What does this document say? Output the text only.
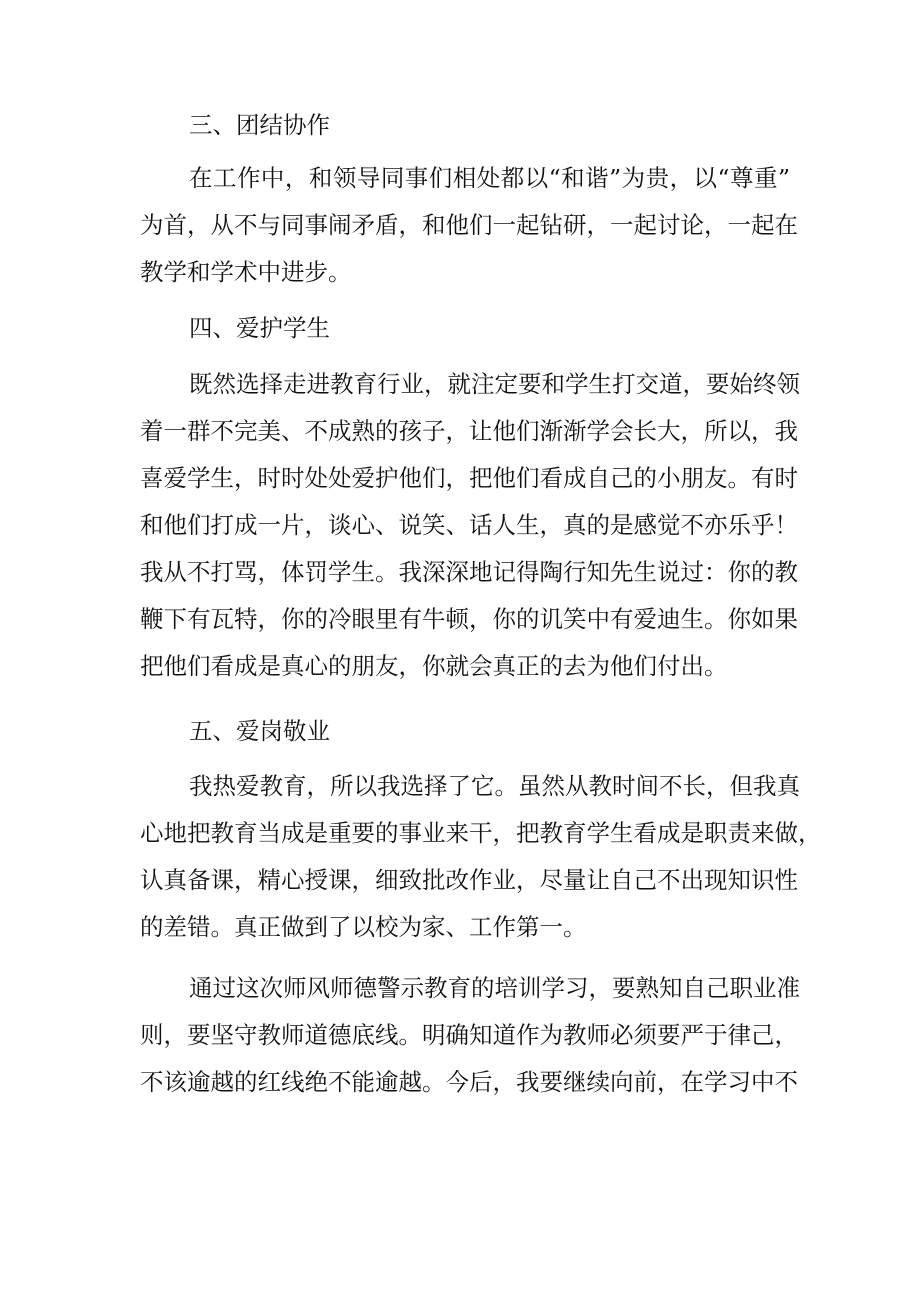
三、团结协作

在工作中，和领导同事们相处都以“和谐”为贵，以“尊重”

为首，从不与同事闹矛盾，和他们一起钻研，一起讨论，一起在

教学和学术中进步。

四、爱护学生

既然选择走进教育行业，就注定要和学生打交道，要始终领

着一群不完美、不成熟的孩子，让他们渐渐学会长大，所以，我

喜爱学生，时时处处爱护他们，把他们看成自己的小朋友。有时

和他们打成一片，谈心、说笑、话人生，真的是感觉不亦乐乎！

我从不打骂，体罚学生。我深深地记得陶行知先生说过：你的教

鞭下有瓦特，你的冷眼里有牛顿，你的讥笑中有爱迪生。你如果

把他们看成是真心的朋友，你就会真正的去为他们付出。

五、爱岗敬业

我热爱教育，所以我选择了它。虽然从教时间不长，但我真

心地把教育当成是重要的事业来干，把教育学生看成是职责来做，

认真备课，精心授课，细致批改作业，尽量让自己不出现知识性

的差错。真正做到了以校为家、工作第一。

通过这次师风师德警示教育的培训学习，要熟知自己职业准

则，要坚守教师道德底线。明确知道作为教师必须要严于律己，

不该逾越的红线绝不能逾越。今后，我要继续向前，在学习中不
